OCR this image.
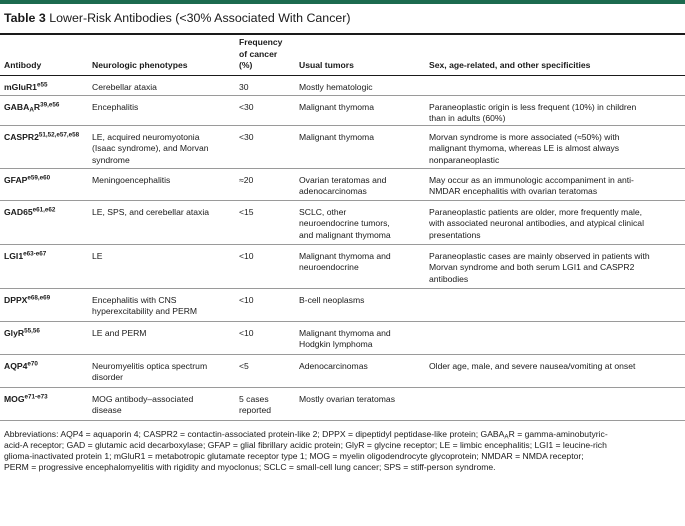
Table 3 Lower-Risk Antibodies (<30% Associated With Cancer)
Antibody	Neurologic phenotypes	Frequency
of cancer
(%)	Usual tumors	Sex, age-related, and other specificities
$mGluR1^{e55}$	Cerebellar ataxia	30	Mostly hematologic	
$GABA_AR^{39,e56}$	Encephalitis	<30	Malignant thymoma	Paraneoplastic origin is less frequent (10%) in children
than in adults (60%)
$CASPR2^{51,52,e57,e58}$	LE, acquired neuromyotonia
(Isaac syndrome), and Morvan
syndrome	<30	Malignant thymoma	Morvan syndrome is more associated (≈50%) with
malignant thymoma, whereas LE is almost always
nonparaneoplastic
$GFAP^{e59,e60}$	Meningoencephalitis	≈20	Ovarian teratomas and
adenocarcinomas	May occur as an immunologic accompaniment in anti-
NMDAR encephalitis with ovarian teratomas
$GAD65^{e61,e62}$	LE, SPS, and cerebellar ataxia	<15	SCLC, other
neuroendocrine tumors,
and malignant thymoma	Paraneoplastic patients are older, more frequently male,
with associated neuronal antibodies, and atypical clinical
presentations
$LGI1^{e63-e67}$	LE	<10	Malignant thymoma and
neuroendocrine	Paraneoplastic cases are mainly observed in patients with
Morvan syndrome and both serum LGI1 and CASPR2
antibodies
$DPPX^{e68,e69}$	Encephalitis with CNS
hyperexcitability and PERM	<10	B-cell neoplasms	
GlyR$^{55,56}$	LE and PERM	<10	Malignant thymoma and
Hodgkin lymphoma	
$AQP4^{e70}$	Neuromyelitis optica spectrum
disorder	<5	Adenocarcinomas	Older age, male, and severe nausea/vomiting at onset
$MOG^{e71-e73}$	MOG antibody–associated
disease	5 cases
reported	Mostly ovarian teratomas	
Abbreviations: AQP4 = aquaporin 4; CASPR2 = contactin-associated protein-like 2; DPPX = dipeptidyl peptidase-like protein; $GABA_AR$ = gamma-aminobutyric-
acid-A receptor; GAD = glutamic acid decarboxylase; GFAP = glial fibrillary acidic protein; GlyR = glycine receptor; LE = limbic encephalitis; LGI1 = leucine-rich
glioma-inactivated protein 1; mGluR1 = metabotropic glutamate receptor type 1; MOG = myelin oligodendrocyte glycoprotein; NMDAR = NMDA receptor;
PERM = progressive encephalomyelitis with rigidity and myoclonus; SCLC = small-cell lung cancer; SPS = stiff-person syndrome.
